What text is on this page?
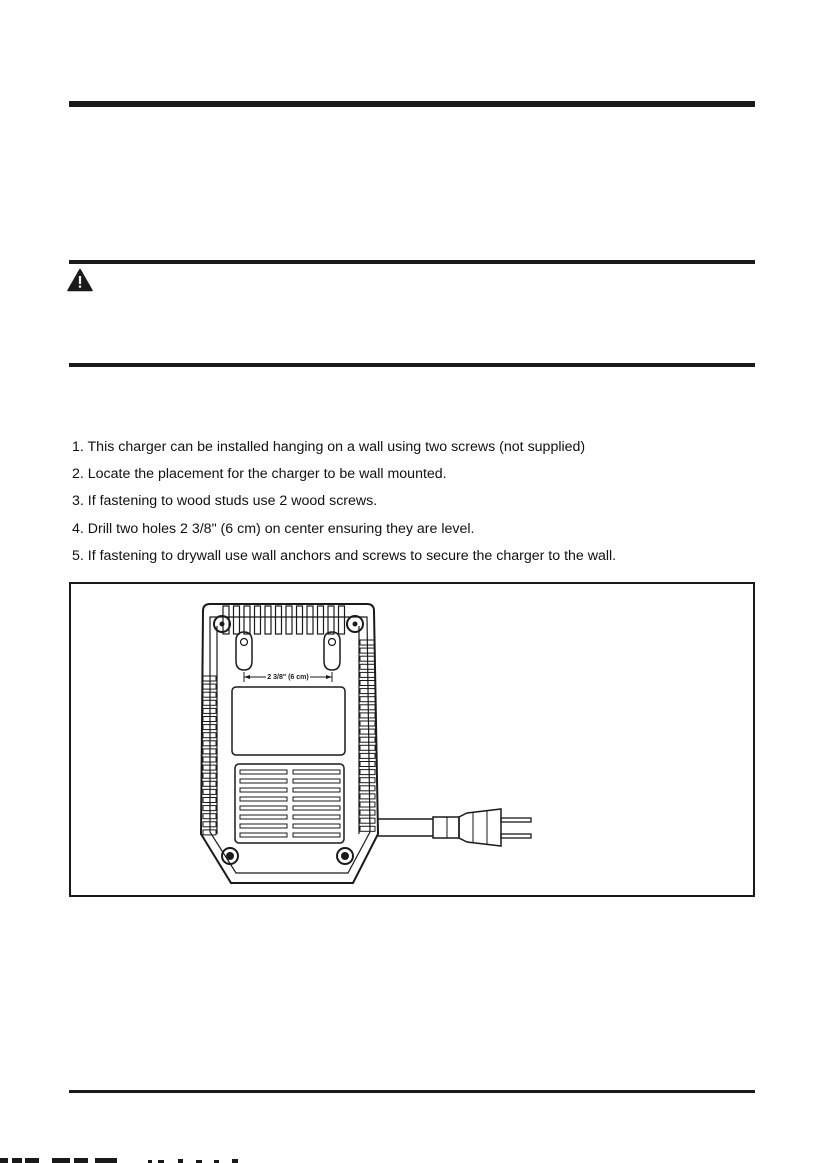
1. This charger can be installed hanging on a wall using two screws (not supplied)
2. Locate the placement for the charger to be wall mounted.
3. If fastening to wood studs use 2 wood screws.
4. Drill two holes 2 3/8" (6 cm) on center ensuring they are level.
5. If fastening to drywall use wall anchors and screws to secure the charger to the wall.
2 3/8" (6 cm)
